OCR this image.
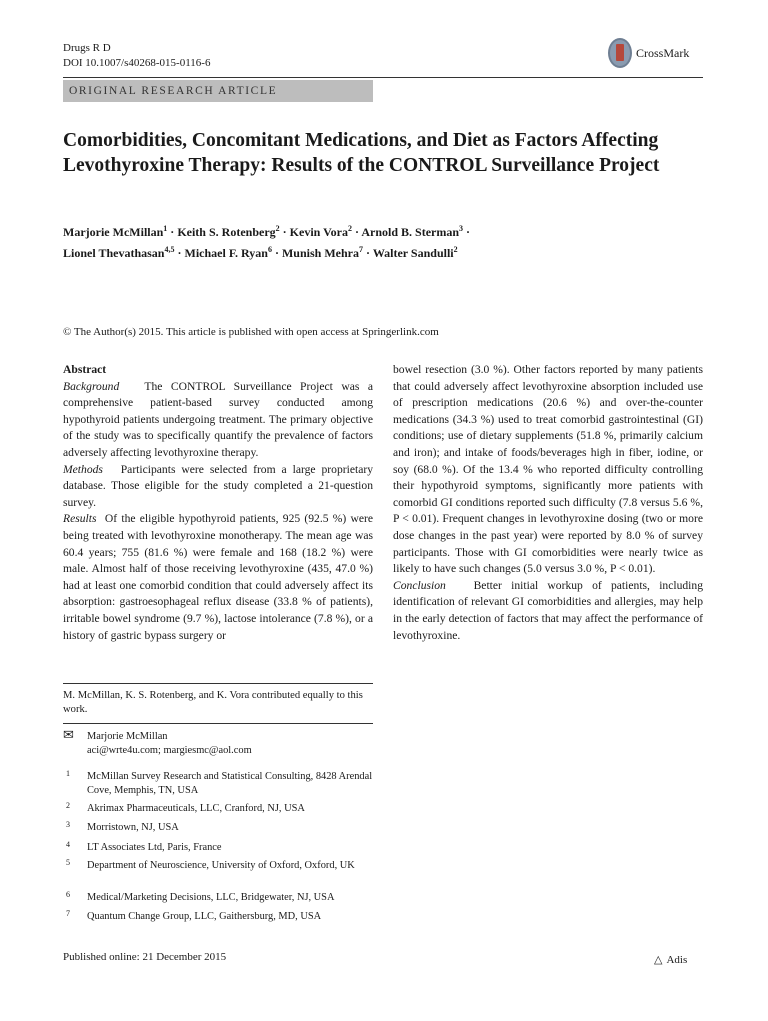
Drugs R D
DOI 10.1007/s40268-015-0116-6
CrossMark
ORIGINAL RESEARCH ARTICLE
Comorbidities, Concomitant Medications, and Diet as Factors Affecting Levothyroxine Therapy: Results of the CONTROL Surveillance Project
Marjorie McMillan$^1$ · Keith S. Rotenberg$^2$ · Kevin Vora$^2$ · Arnold B. Sterman$^3$ ·
Lionel Thevathasan$^{4,5}$ · Michael F. Ryan$^6$ · Munish Mehra$^7$ · Walter Sandulli$^2$
© The Author(s) 2015. This article is published with open access at Springerlink.com

Abstract

Background The CONTROL Surveillance Project was a comprehensive patient-based survey conducted among hypothyroid patients undergoing treatment. The primary objective of the study was to specifically quantify the prevalence of factors adversely affecting levothyroxine therapy.

Methods Participants were selected from a large proprietary database. Those eligible for the study completed a 21-question survey.

Results Of the eligible hypothyroid patients, 925 (92.5 %) were being treated with levothyroxine monotherapy. The mean age was 60.4 years; 755 (81.6 %) were female and 168 (18.2 %) were male. Almost half of those receiving levothyroxine (435, 47.0 %) had at least one comorbid condition that could adversely affect its absorption: gastroesophageal reflux disease (33.8 % of patients), irritable bowel syndrome (9.7 %), lactose intolerance (7.8 %), or a history of gastric bypass surgery or

bowel resection (3.0 %). Other factors reported by many patients that could adversely affect levothyroxine absorption included use of prescription medications (20.6 %) and over-the-counter medications (34.3 %) used to treat comorbid gastrointestinal (GI) conditions; use of dietary supplements (51.8 %, primarily calcium and iron); and intake of foods/beverages high in fiber, iodine, or soy (68.0 %). Of the 13.4 % who reported difficulty controlling their hypothyroid symptoms, significantly more patients with comorbid GI conditions reported such difficulty (7.8 versus 5.6 %, P < 0.01). Frequent changes in levothyroxine dosing (two or more dose changes in the past year) were reported by 8.0 % of survey participants. Those with GI comorbidities were nearly twice as likely to have such changes (5.0 versus 3.0 %, P < 0.01).

Conclusion Better initial workup of patients, including identification of relevant GI comorbidities and allergies, may help in the early detection of factors that may affect the performance of levothyroxine.

M. McMillan, K. S. Rotenberg, and K. Vora contributed equally to this work.
✉ Marjorie McMillan
aci@wrte4u.com; margiesmc@aol.com
1 McMillan Survey Research and Statistical Consulting, 8428 Arendal Cove, Memphis, TN, USA
2 Akrimax Pharmaceuticals, LLC, Cranford, NJ, USA
3 Morristown, NJ, USA
4 LT Associates Ltd, Paris, France
5 Department of Neuroscience, University of Oxford, Oxford, UK
6 Medical/Marketing Decisions, LLC, Bridgewater, NJ, USA
7 Quantum Change Group, LLC, Gaithersburg, MD, USA
Published online: 21 December 2015	△ Adis
